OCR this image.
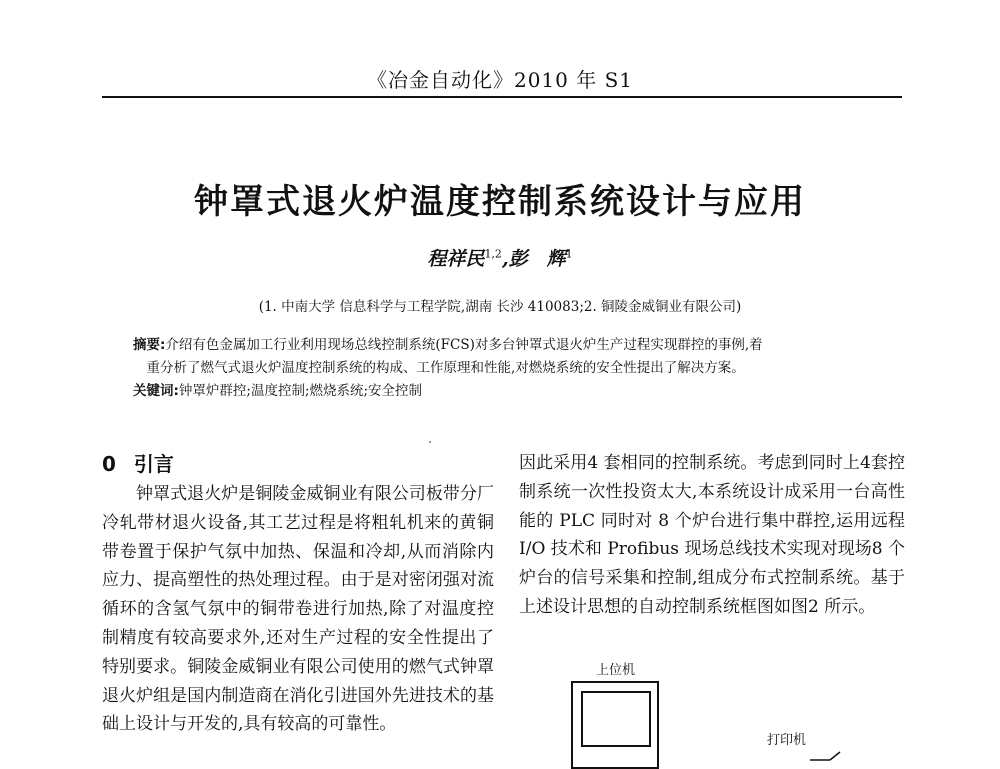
《冶金自动化》2010 年 S1
钟罩式退火炉温度控制系统设计与应用
程祥民$^{1,2}$,彭　辉$^1$
(1. 中南大学 信息科学与工程学院,湖南 长沙 410083;2. 铜陵金威铜业有限公司)
摘要:介绍有色金属加工行业利用现场总线控制系统(FCS)对多台钟罩式退火炉生产过程实现群控的事例,着
重分析了燃气式退火炉温度控制系统的构成、工作原理和性能,对燃烧系统的安全性提出了解决方案。
关键词:钟罩炉群控;温度控制;燃烧系统;安全控制
0 引言

钟罩式退火炉是铜陵金威铜业有限公司板带分厂冷轧带材退火设备,其工艺过程是将粗轧机来的黄铜带卷置于保护气氛中加热、保温和冷却,从而消除内应力、提高塑性的热处理过程。由于是对密闭强对流循环的含氢气氛中的铜带卷进行加热,除了对温度控制精度有较高要求外,还对生产过程的安全性提出了特别要求。铜陵金威铜业有限公司使用的燃气式钟罩退火炉组是国内制造商在消化引进国外先进技术的基础上设计与开发的,具有较高的可靠性。

因此采用4 套相同的控制系统。考虑到同时上4套控制系统一次性投资太大,本系统设计成采用一台高性能的 PLC 同时对 8 个炉台进行集中群控,运用远程 I/O 技术和 Profibus 现场总线技术实现对现场8 个炉台的信号采集和控制,组成分布式控制系统。基于上述设计思想的自动控制系统框图如图2 所示。

上位机
打印机
